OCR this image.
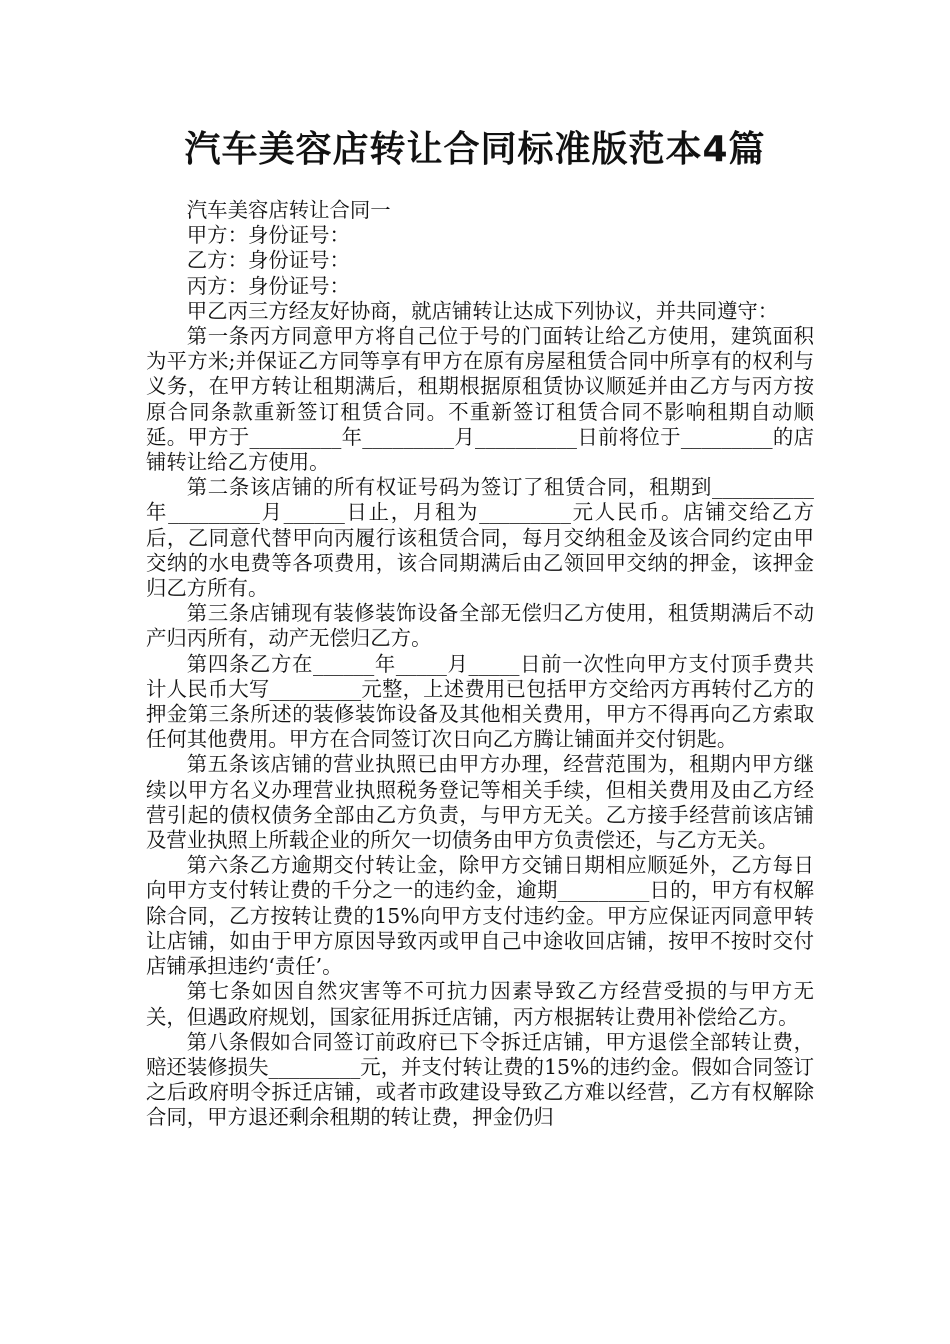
汽车美容店转让合同标准版范本4篇

汽车美容店转让合同一

甲方：身份证号：

乙方：身份证号：

丙方：身份证号：

甲乙丙三方经友好协商，就店铺转让达成下列协议，并共同遵守：

第一条丙方同意甲方将自己位于号的门面转让给乙方使用，建筑面积为平方米;并保证乙方同等享有甲方在原有房屋租赁合同中所享有的权利与义务，在甲方转让租期满后，租期根据原租赁协议顺延并由乙方与丙方按原合同条款重新签订租赁合同。不重新签订租赁合同不影响租期自动顺延。甲方于_________年_________月__________日前将位于_________的店铺转让给乙方使用。

第二条该店铺的所有权证号码为签订了租赁合同，租期到__________年_________月______日止，月租为_________元人民币。店铺交给乙方后，乙同意代替甲向丙履行该租赁合同，每月交纳租金及该合同约定由甲交纳的水电费等各项费用，该合同期满后由乙领回甲交纳的押金，该押金归乙方所有。

第三条店铺现有装修装饰设备全部无偿归乙方使用，租赁期满后不动产归丙所有，动产无偿归乙方。

第四条乙方在______年_____月_____日前一次性向甲方支付顶手费共计人民币大写_________元整，上述费用已包括甲方交给丙方再转付乙方的押金第三条所述的装修装饰设备及其他相关费用，甲方不得再向乙方索取任何其他费用。甲方在合同签订次日向乙方腾让铺面并交付钥匙。

第五条该店铺的营业执照已由甲方办理，经营范围为，租期内甲方继续以甲方名义办理营业执照税务登记等相关手续，但相关费用及由乙方经营引起的债权债务全部由乙方负责，与甲方无关。乙方接手经营前该店铺及营业执照上所载企业的所欠一切债务由甲方负责偿还，与乙方无关。

第六条乙方逾期交付转让金，除甲方交铺日期相应顺延外，乙方每日向甲方支付转让费的千分之一的违约金，逾期_________日的，甲方有权解除合同，乙方按转让费的15%向甲方支付违约金。甲方应保证丙同意甲转让店铺，如由于甲方原因导致丙或甲自己中途收回店铺，按甲不按时交付店铺承担违约‘责任’。

第七条如因自然灾害等不可抗力因素导致乙方经营受损的与甲方无关，但遇政府规划，国家征用拆迁店铺，丙方根据转让费用补偿给乙方。

第八条假如合同签订前政府已下令拆迁店铺，甲方退偿全部转让费，赔还装修损失_________元，并支付转让费的15%的违约金。假如合同签订之后政府明令拆迁店铺，或者市政建设导致乙方难以经营，乙方有权解除合同，甲方退还剩余租期的转让费，押金仍归
